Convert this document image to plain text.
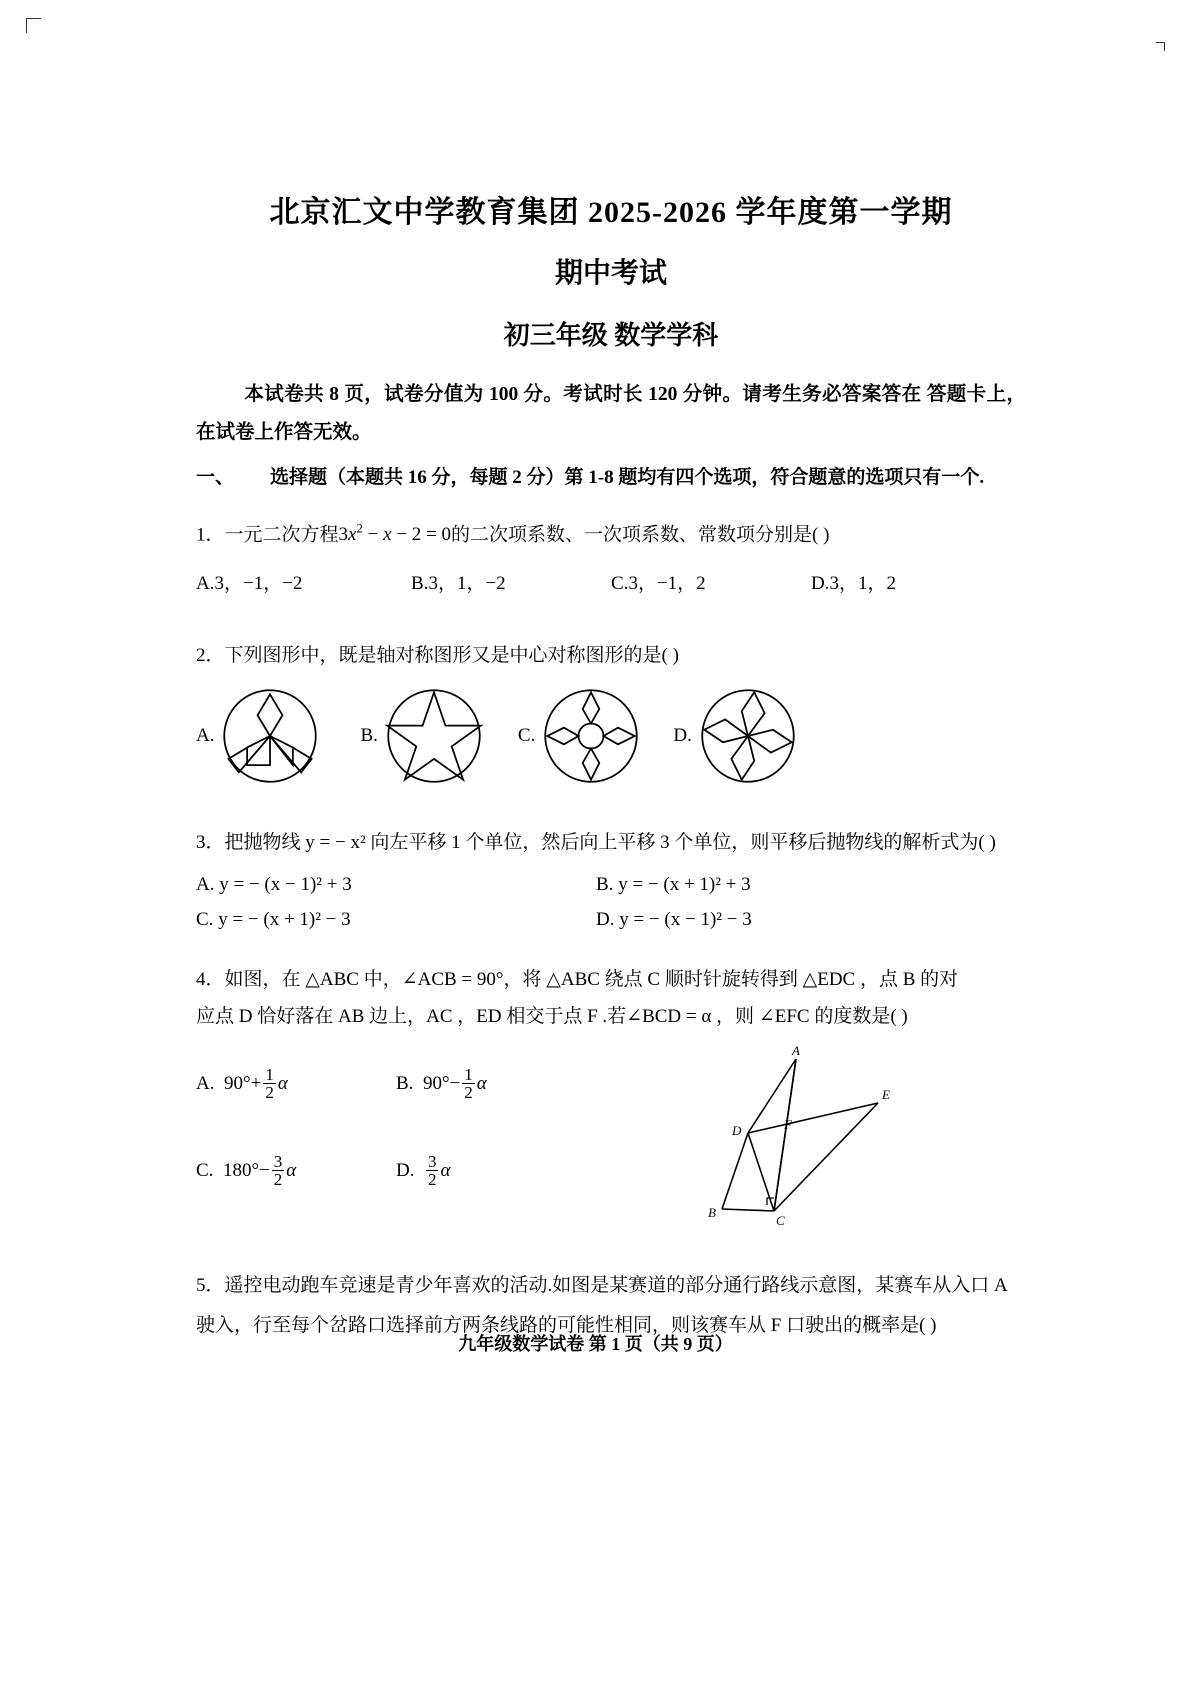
北京汇文中学教育集团 2025-2026 学年度第一学期
期中考试
初三年级 数学学科
本试卷共 8 页，试卷分值为 100 分。考试时长 120 分钟。请考生务必答案答在 答题卡上，在试卷上作答无效。
一、 选择题（本题共 16 分，每题 2 分）第 1-8 题均有四个选项，符合题意的选项只有一个.
1．一元二次方程$3x^2 - x - 2 = 0$的二次项系数、一次项系数、常数项分别是( )
A.3，−1，−2	B.3，1，−2	C.3，−1，2	D.3，1，2
2．下列图形中，既是轴对称图形又是中心对称图形的是( )
A.	B.	C.	D.
3．把抛物线 y = − x² 向左平移 1 个单位，然后向上平移 3 个单位，则平移后抛物线的解析式为( )
A. y = − (x − 1)² + 3	B. y = − (x + 1)² + 3
C. y = − (x + 1)² − 3	D. y = − (x − 1)² − 3
4．如图，在 △ABC 中，∠ACB = 90°，将 △ABC 绕点 C 顺时针旋转得到 △EDC ，点 B 的对
应点 D 恰好落在 AB 边上，AC ，ED 相交于点 F .若∠BCD = α ，则 ∠EFC 的度数是( )
A.
$90^\circ+ \frac{1}{2}$ α	B. $90^\circ- \frac{1}{2}$ α
C.
$180^\circ- \frac{3}{2}$ α	D. $\frac{3}{2}$ α
A
E
F
D
B
C
5．遥控电动跑车竞速是青少年喜欢的活动.如图是某赛道的部分通行路线示意图，某赛车从入口 A
驶入，行至每个岔路口选择前方两条线路的可能性相同，则该赛车从 F 口驶出的概率是( )
九年级数学试卷 第 1 页（共 9 页）
